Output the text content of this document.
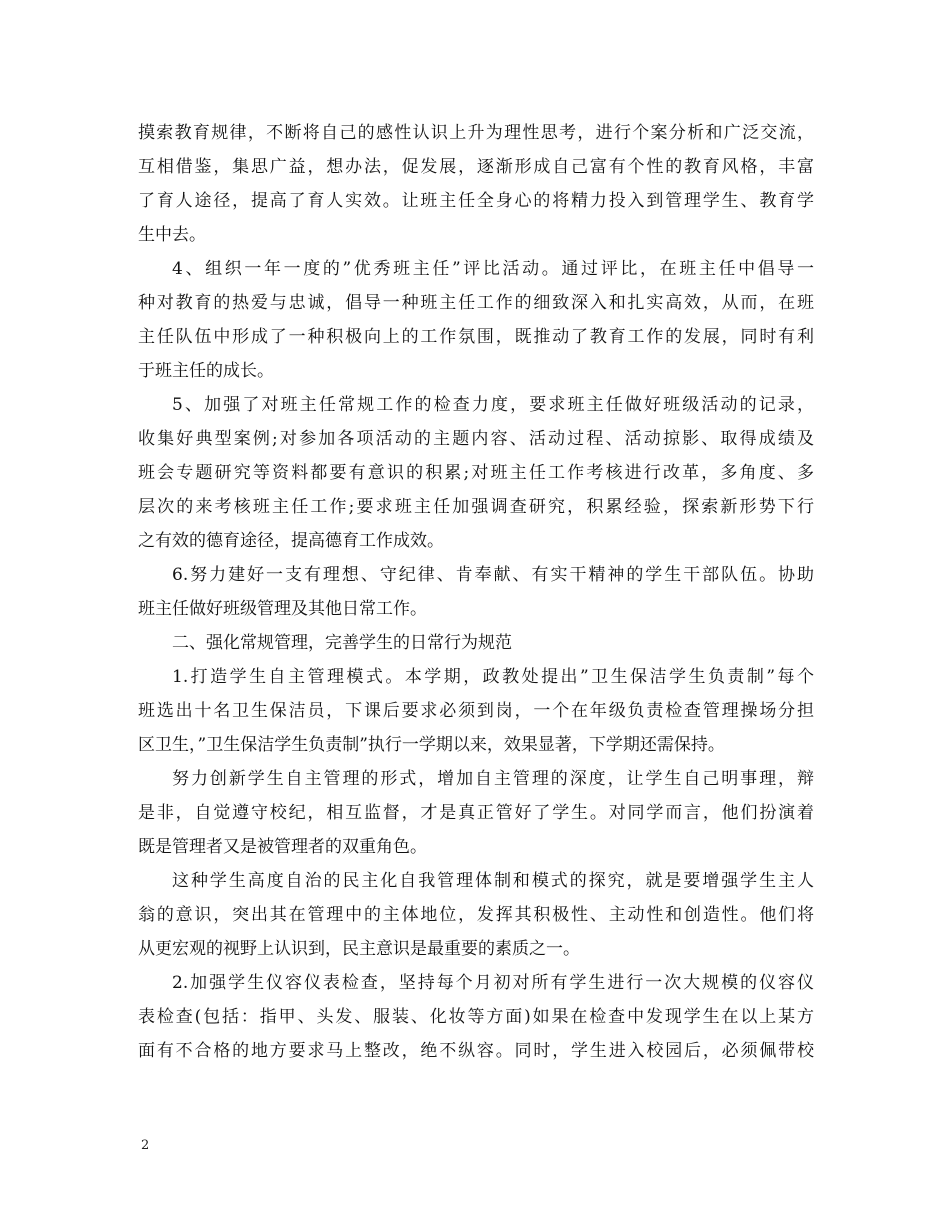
摸索教育规律，不断将自己的感性认识上升为理性思考，进行个案分析和广泛交流，
互相借鉴，集思广益，想办法，促发展，逐渐形成自己富有个性的教育风格，丰富
了育人途径，提高了育人实效。让班主任全身心的将精力投入到管理学生、教育学
生中去。
4、组织一年一度的”优秀班主任”评比活动。通过评比，在班主任中倡导一
种对教育的热爱与忠诚，倡导一种班主任工作的细致深入和扎实高效，从而，在班
主任队伍中形成了一种积极向上的工作氛围，既推动了教育工作的发展，同时有利
于班主任的成长。
5、加强了对班主任常规工作的检查力度，要求班主任做好班级活动的记录，
收集好典型案例;对参加各项活动的主题内容、活动过程、活动掠影、取得成绩及
班会专题研究等资料都要有意识的积累;对班主任工作考核进行改革，多角度、多
层次的来考核班主任工作;要求班主任加强调查研究，积累经验，探索新形势下行
之有效的德育途径，提高德育工作成效。
6.努力建好一支有理想、守纪律、肯奉献、有实干精神的学生干部队伍。协助
班主任做好班级管理及其他日常工作。
二、强化常规管理，完善学生的日常行为规范
1.打造学生自主管理模式。本学期，政教处提出”卫生保洁学生负责制”每个
班选出十名卫生保洁员，下课后要求必须到岗，一个在年级负责检查管理操场分担
区卫生，”卫生保洁学生负责制”执行一学期以来，效果显著，下学期还需保持。
努力创新学生自主管理的形式，增加自主管理的深度，让学生自己明事理，辩
是非，自觉遵守校纪，相互监督，才是真正管好了学生。对同学而言，他们扮演着
既是管理者又是被管理者的双重角色。
这种学生高度自治的民主化自我管理体制和模式的探究，就是要增强学生主人
翁的意识，突出其在管理中的主体地位，发挥其积极性、主动性和创造性。他们将
从更宏观的视野上认识到，民主意识是最重要的素质之一。
2.加强学生仪容仪表检查，坚持每个月初对所有学生进行一次大规模的仪容仪
表检查(包括：指甲、头发、服装、化妆等方面)如果在检查中发现学生在以上某方
面有不合格的地方要求马上整改，绝不纵容。同时，学生进入校园后，必须佩带校
2
